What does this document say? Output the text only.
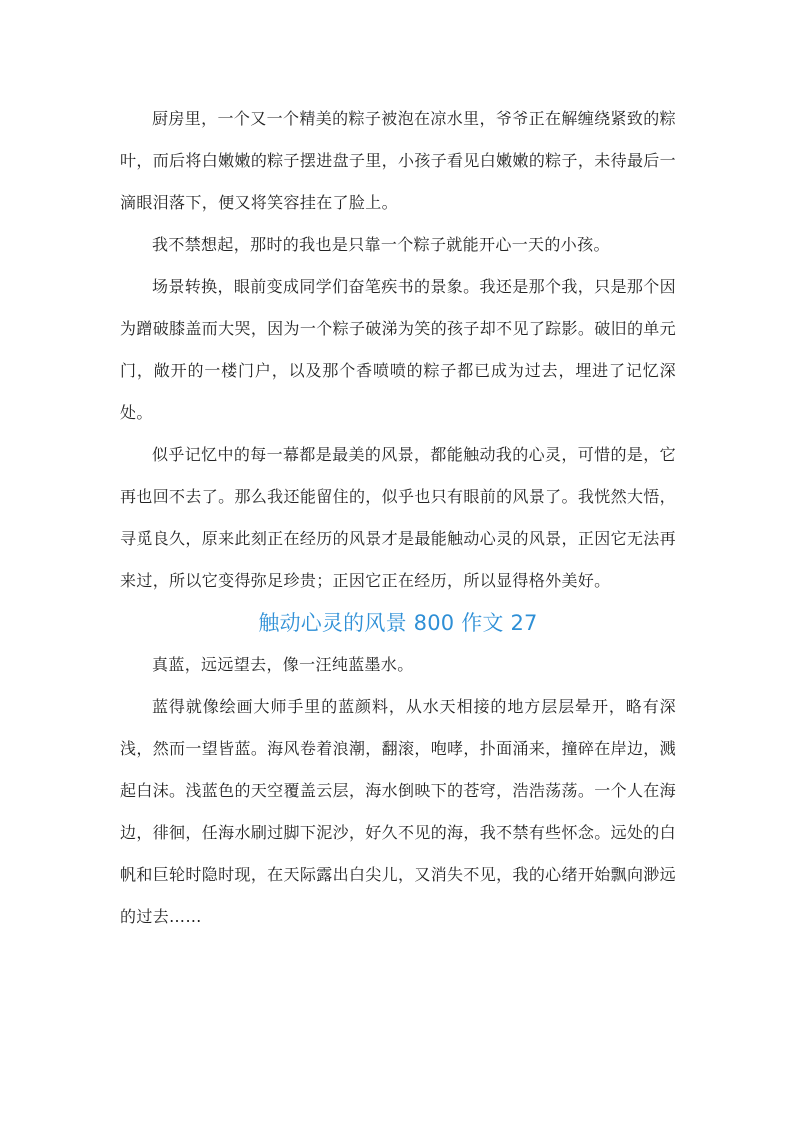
厨房里，一个又一个精美的粽子被泡在凉水里，爷爷正在解缠绕紧致的粽叶，而后将白嫩嫩的粽子摆进盘子里，小孩子看见白嫩嫩的粽子，未待最后一滴眼泪落下，便又将笑容挂在了脸上。

我不禁想起，那时的我也是只靠一个粽子就能开心一天的小孩。

场景转换，眼前变成同学们奋笔疾书的景象。我还是那个我，只是那个因为蹭破膝盖而大哭，因为一个粽子破涕为笑的孩子却不见了踪影。破旧的单元门，敞开的一楼门户，以及那个香喷喷的粽子都已成为过去，埋进了记忆深处。

似乎记忆中的每一幕都是最美的风景，都能触动我的心灵，可惜的是，它再也回不去了。那么我还能留住的，似乎也只有眼前的风景了。我恍然大悟，寻觅良久，原来此刻正在经历的风景才是最能触动心灵的风景，正因它无法再来过，所以它变得弥足珍贵；正因它正在经历，所以显得格外美好。

触动心灵的风景 800 作文 27

真蓝，远远望去，像一汪纯蓝墨水。

蓝得就像绘画大师手里的蓝颜料，从水天相接的地方层层晕开，略有深浅，然而一望皆蓝。海风卷着浪潮，翻滚，咆哮，扑面涌来，撞碎在岸边，溅起白沫。浅蓝色的天空覆盖云层，海水倒映下的苍穹，浩浩荡荡。一个人在海边，徘徊，任海水刷过脚下泥沙，好久不见的海，我不禁有些怀念。远处的白帆和巨轮时隐时现，在天际露出白尖儿，又消失不见，我的心绪开始飘向渺远的过去……
